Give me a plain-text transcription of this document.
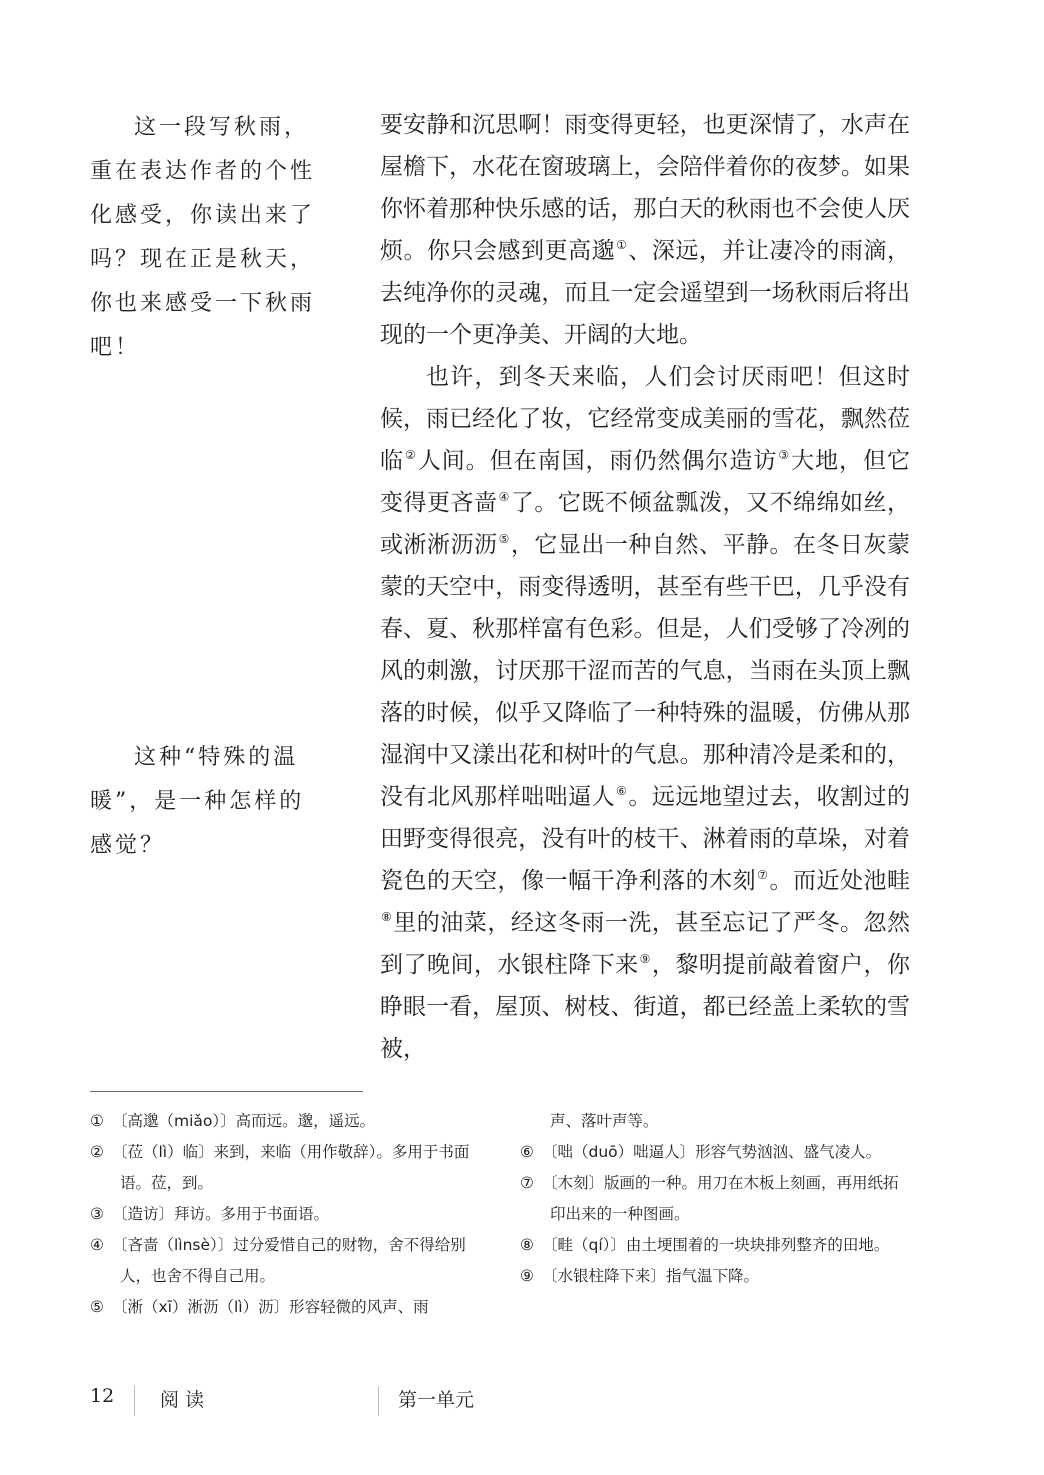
这一段写秋雨，重在表达作者的个性化感受，你读出来了吗？现在正是秋天，你也来感受一下秋雨吧！

这种“特殊的温暖”，是一种怎样的感觉？

要安静和沉思啊！雨变得更轻，也更深情了，水声在屋檐下，水花在窗玻璃上，会陪伴着你的夜梦。如果你怀着那种快乐感的话，那白天的秋雨也不会使人厌烦。你只会感到更高邈①、深远，并让凄冷的雨滴，去纯净你的灵魂，而且一定会遥望到一场秋雨后将出现的一个更净美、开阔的大地。

也许，到冬天来临，人们会讨厌雨吧！但这时候，雨已经化了妆，它经常变成美丽的雪花，飘然莅临②人间。但在南国，雨仍然偶尔造访③大地，但它变得更吝啬④了。它既不倾盆瓢泼，又不绵绵如丝，或淅淅沥沥⑤，它显出一种自然、平静。在冬日灰蒙蒙的天空中，雨变得透明，甚至有些干巴，几乎没有春、夏、秋那样富有色彩。但是，人们受够了冷冽的风的刺激，讨厌那干涩而苦的气息，当雨在头顶上飘落的时候，似乎又降临了一种特殊的温暖，仿佛从那湿润中又漾出花和树叶的气息。那种清冷是柔和的，没有北风那样咄咄逼人⑥。远远地望过去，收割过的田野变得很亮，没有叶的枝干、淋着雨的草垛，对着瓷色的天空，像一幅干净利落的木刻⑦。而近处池畦⑧里的油菜，经这冬雨一洗，甚至忘记了严冬。忽然到了晚间，水银柱降下来⑨，黎明提前敲着窗户，你睁眼一看，屋顶、树枝、街道，都已经盖上柔软的雪被，

① 〔高邈（miǎo）〕高而远。邈，遥远。
② 〔莅（lì）临〕来到，来临（用作敬辞）。多用于书面语。莅，到。
③ 〔造访〕拜访。多用于书面语。
④ 〔吝啬（lìnsè）〕过分爱惜自己的财物，舍不得给别人，也舍不得自己用。
⑤ 〔淅（xī）淅沥（lì）沥〕形容轻微的风声、雨
声、落叶声等。
⑥ 〔咄（duō）咄逼人〕形容气势汹汹、盛气凌人。
⑦ 〔木刻〕版画的一种。用刀在木板上刻画，再用纸拓印出来的一种图画。
⑧ 〔畦（qí）〕由土埂围着的一块块排列整齐的田地。
⑨ 〔水银柱降下来〕指气温下降。
12 阅读	第一单元
